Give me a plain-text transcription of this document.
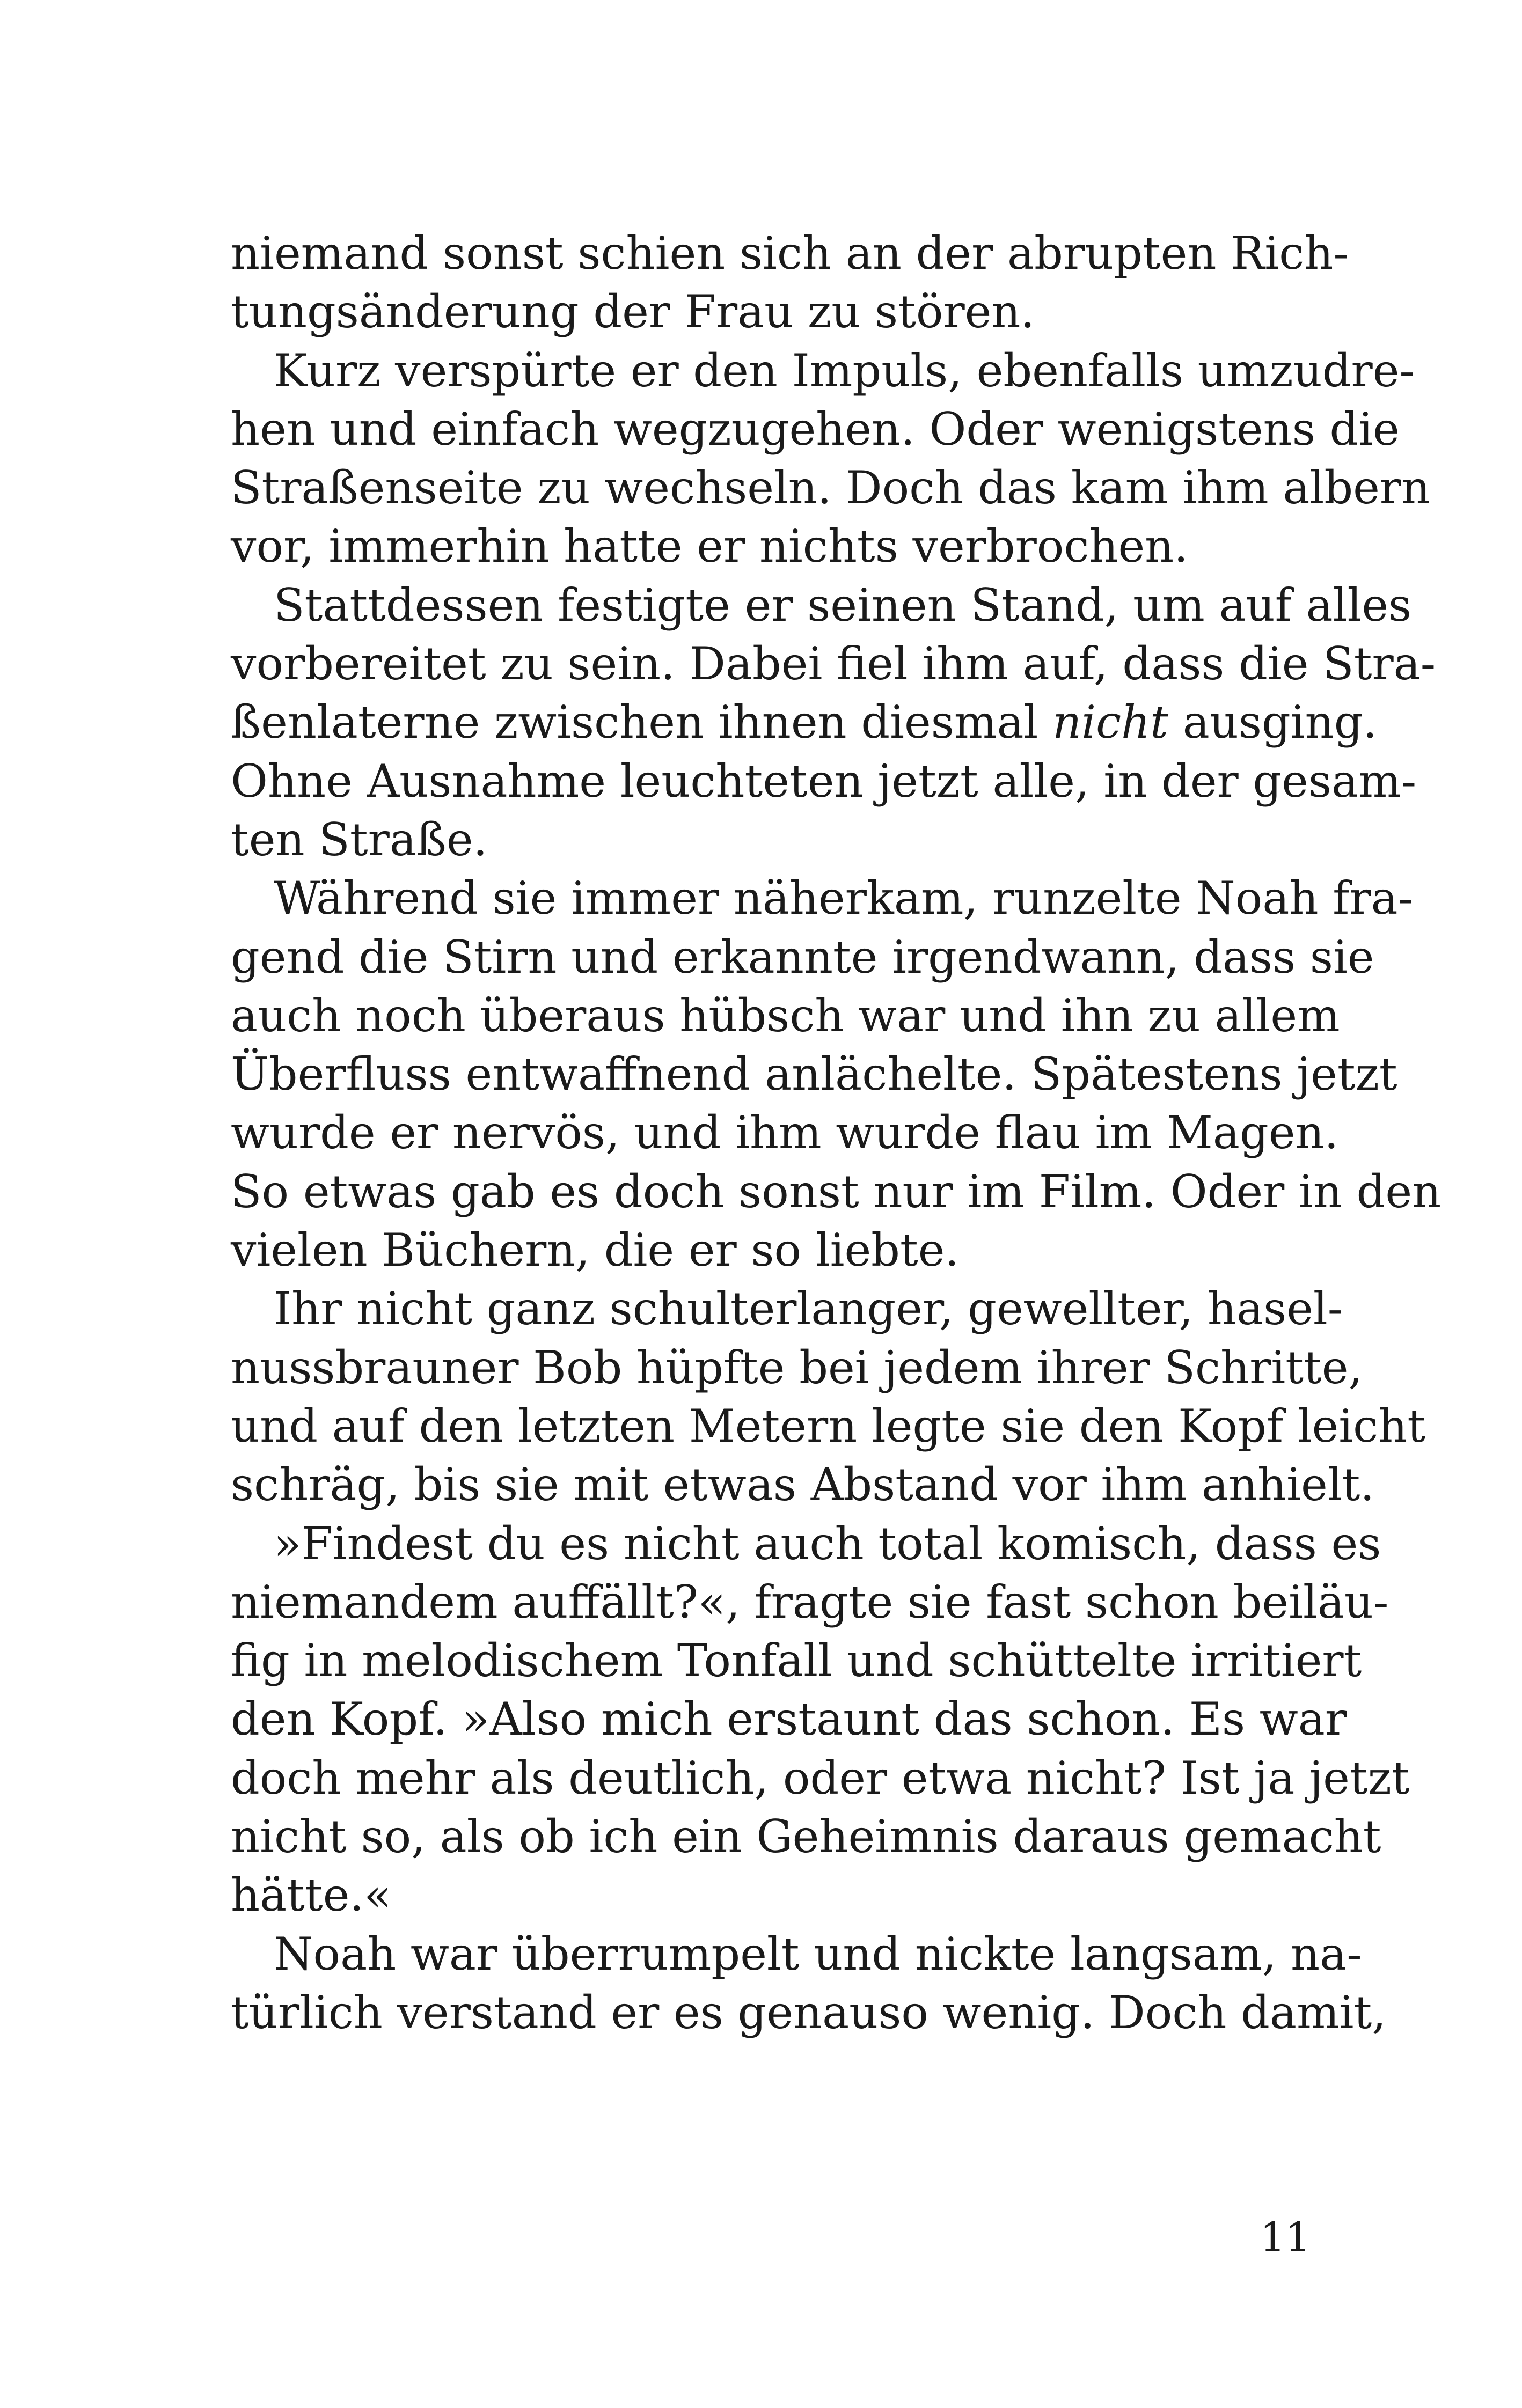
niemand sonst schien sich an der abrupten Rich-
tungsänderung der Frau zu stören.
Kurz verspürte er den Impuls, ebenfalls umzudre-
hen und einfach wegzugehen. Oder wenigstens die
Straßenseite zu wechseln. Doch das kam ihm albern
vor, immerhin hatte er nichts verbrochen.
Stattdessen festigte er seinen Stand, um auf alles
vorbereitet zu sein. Dabei fiel ihm auf, dass die Stra-
ßenlaterne zwischen ihnen diesmal nicht ausging.
Ohne Ausnahme leuchteten jetzt alle, in der gesam-
ten Straße.
Während sie immer näherkam, runzelte Noah fra-
gend die Stirn und erkannte irgendwann, dass sie
auch noch überaus hübsch war und ihn zu allem
Überfluss entwaffnend anlächelte. Spätestens jetzt
wurde er nervös, und ihm wurde flau im Magen.
So etwas gab es doch sonst nur im Film. Oder in den
vielen Büchern, die er so liebte.
Ihr nicht ganz schulterlanger, gewellter, hasel-
nussbrauner Bob hüpfte bei jedem ihrer Schritte,
und auf den letzten Metern legte sie den Kopf leicht
schräg, bis sie mit etwas Abstand vor ihm anhielt.
»Findest du es nicht auch total komisch, dass es
niemandem auffällt?«, fragte sie fast schon beiläu-
fig in melodischem Tonfall und schüttelte irritiert
den Kopf. »Also mich erstaunt das schon. Es war
doch mehr als deutlich, oder etwa nicht? Ist ja jetzt
nicht so, als ob ich ein Geheimnis daraus gemacht
hätte.«
Noah war überrumpelt und nickte langsam, na-
türlich verstand er es genauso wenig. Doch damit,
11
